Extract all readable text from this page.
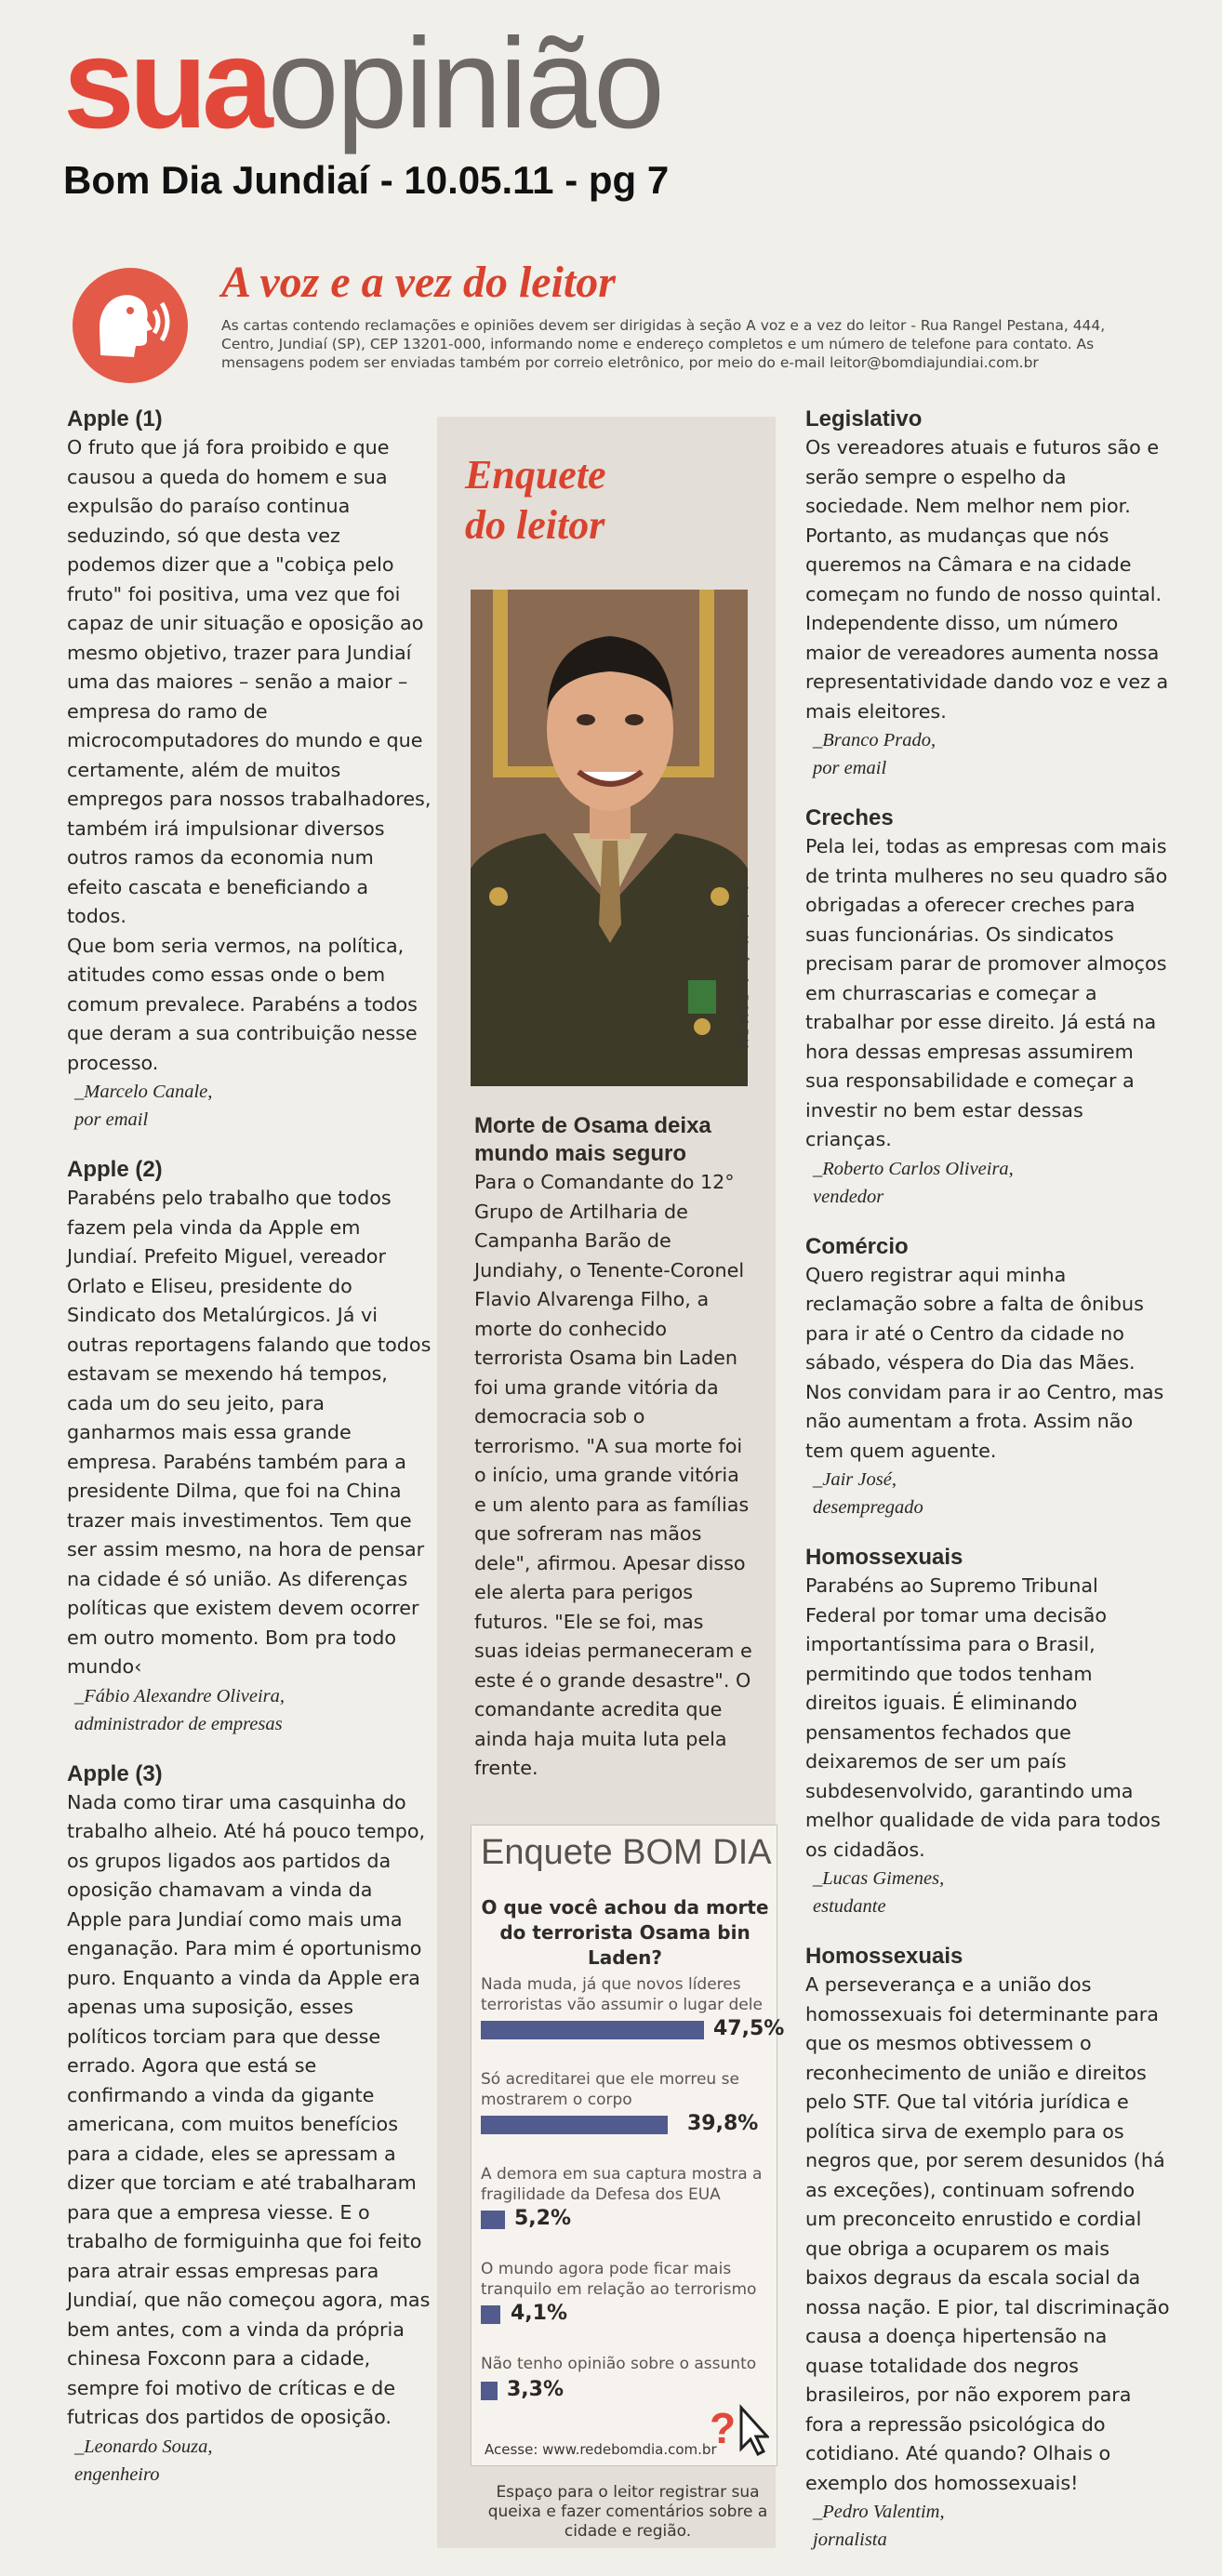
suaopinião
Bom Dia Jundiaí - 10.05.11 - pg 7
A voz e a vez do leitor
As cartas contendo reclamações e opiniões devem ser dirigidas à seção A voz e a vez do leitor - Rua Rangel Pestana, 444, Centro, Jundiaí (SP), CEP 13201-000, informando nome e endereço completos e um número de telefone para contato. As mensagens podem ser enviadas também por correio eletrônico, por meio do e-mail leitor@bomdiajundiai.com.br
Apple (1)

O fruto que já fora proibido e que causou a queda do homem e sua expulsão do paraíso continua seduzindo, só que desta vez podemos dizer que a "cobiça pelo fruto" foi positiva, uma vez que foi capaz de unir situação e oposição ao mesmo objetivo, trazer para Jundiaí uma das maiores – senão a maior – empresa do ramo de microcomputadores do mundo e que certamente, além de muitos empregos para nossos trabalhadores, também irá impulsionar diversos outros ramos da economia num efeito cascata e beneficiando a todos.

Que bom seria vermos, na política, atitudes como essas onde o bem comum prevalece. Parabéns a todos que deram a sua contribuição nesse processo.

_Marcelo Canale,
por email
Apple (2)

Parabéns pelo trabalho que todos fazem pela vinda da Apple em Jundiaí. Prefeito Miguel, vereador Orlato e Eliseu, presidente do Sindicato dos Metalúrgicos. Já vi outras reportagens falando que todos estavam se mexendo há tempos, cada um do seu jeito, para ganharmos mais essa grande empresa. Parabéns também para a presidente Dilma, que foi na China trazer mais investimentos. Tem que ser assim mesmo, na hora de pensar na cidade é só união. As diferenças políticas que existem devem ocorrer em outro momento. Bom pra todo mundo‹

_Fábio Alexandre Oliveira,
administrador de empresas
Apple (3)

Nada como tirar uma casquinha do trabalho alheio. Até há pouco tempo, os grupos ligados aos partidos da oposição chamavam a vinda da Apple para Jundiaí como mais uma enganação. Para mim é oportunismo puro. Enquanto a vinda da Apple era apenas uma suposição, esses políticos torciam para que desse errado. Agora que está se confirmando a vinda da gigante americana, com muitos benefícios para a cidade, eles se apressam a dizer que torciam e até trabalharam para que a empresa viesse. E o trabalho de formiguinha que foi feito para atrair essas empresas para Jundiaí, que não começou agora, mas bem antes, com a vinda da própria chinesa Foxconn para a cidade, sempre foi motivo de críticas e de futricas dos partidos de oposição.

_Leonardo Souza,
engenheiro
Enquete
do leitor
Arquivo/Agência BOM DIA
Morte de Osama deixa mundo mais seguro

Para o Comandante do 12° Grupo de Artilharia de Campanha Barão de Jundiahy, o Tenente-Coronel Flavio Alvarenga Filho, a morte do conhecido terrorista Osama bin Laden foi uma grande vitória da democracia sob o terrorismo. "A sua morte foi o início, uma grande vitória e um alento para as famílias que sofreram nas mãos dele", afirmou. Apesar disso ele alerta para perigos futuros. "Ele se foi, mas suas ideias permaneceram e este é o grande desastre". O comandante acredita que ainda haja muita luta pela frente.

Enquete BOM DIA
O que você achou da morte do terrorista Osama bin Laden?
Nada muda, já que novos líderes terroristas vão assumir o lugar dele
47,5%
Só acreditarei que ele morreu se mostrarem o corpo
39,8%
A demora em sua captura mostra a fragilidade da Defesa dos EUA
5,2%
O mundo agora pode ficar mais tranquilo em relação ao terrorismo
4,1%
Não tenho opinião sobre o assunto
3,3%
Acesse: www.redebomdia.com.br
?
Espaço para o leitor registrar sua queixa e fazer comentários sobre a cidade e região.
Legislativo

Os vereadores atuais e futuros são e serão sempre o espelho da sociedade. Nem melhor nem pior. Portanto, as mudanças que nós queremos na Câmara e na cidade começam no fundo de nosso quintal. Independente disso, um número maior de vereadores aumenta nossa representatividade dando voz e vez a mais eleitores.

_Branco Prado,
por email
Creches

Pela lei, todas as empresas com mais de trinta mulheres no seu quadro são obrigadas a oferecer creches para suas funcionárias. Os sindicatos precisam parar de promover almoços em churrascarias e começar a trabalhar por esse direito. Já está na hora dessas empresas assumirem sua responsabilidade e começar a investir no bem estar dessas crianças.

_Roberto Carlos Oliveira,
vendedor
Comércio

Quero registrar aqui minha reclamação sobre a falta de ônibus para ir até o Centro da cidade no sábado, véspera do Dia das Mães. Nos convidam para ir ao Centro, mas não aumentam a frota. Assim não tem quem aguente.

_Jair José,
desempregado
Homossexuais

Parabéns ao Supremo Tribunal Federal por tomar uma decisão importantíssima para o Brasil, permitindo que todos tenham direitos iguais. É eliminando pensamentos fechados que deixaremos de ser um país subdesenvolvido, garantindo uma melhor qualidade de vida para todos os cidadãos.

_Lucas Gimenes,
estudante
Homossexuais

A perseverança e a união dos homossexuais foi determinante para que os mesmos obtivessem o reconhecimento de união e direitos pelo STF. Que tal vitória jurídica e política sirva de exemplo para os negros que, por serem desunidos (há as exceções), continuam sofrendo um preconceito enrustido e cordial que obriga a ocuparem os mais baixos degraus da escala social da nossa nação. E pior, tal discriminação causa a doença hipertensão na quase totalidade dos negros brasileiros, por não exporem para fora a repressão psicológica do cotidiano. Até quando? Olhais o exemplo dos homossexuais!

_Pedro Valentim,
jornalista
